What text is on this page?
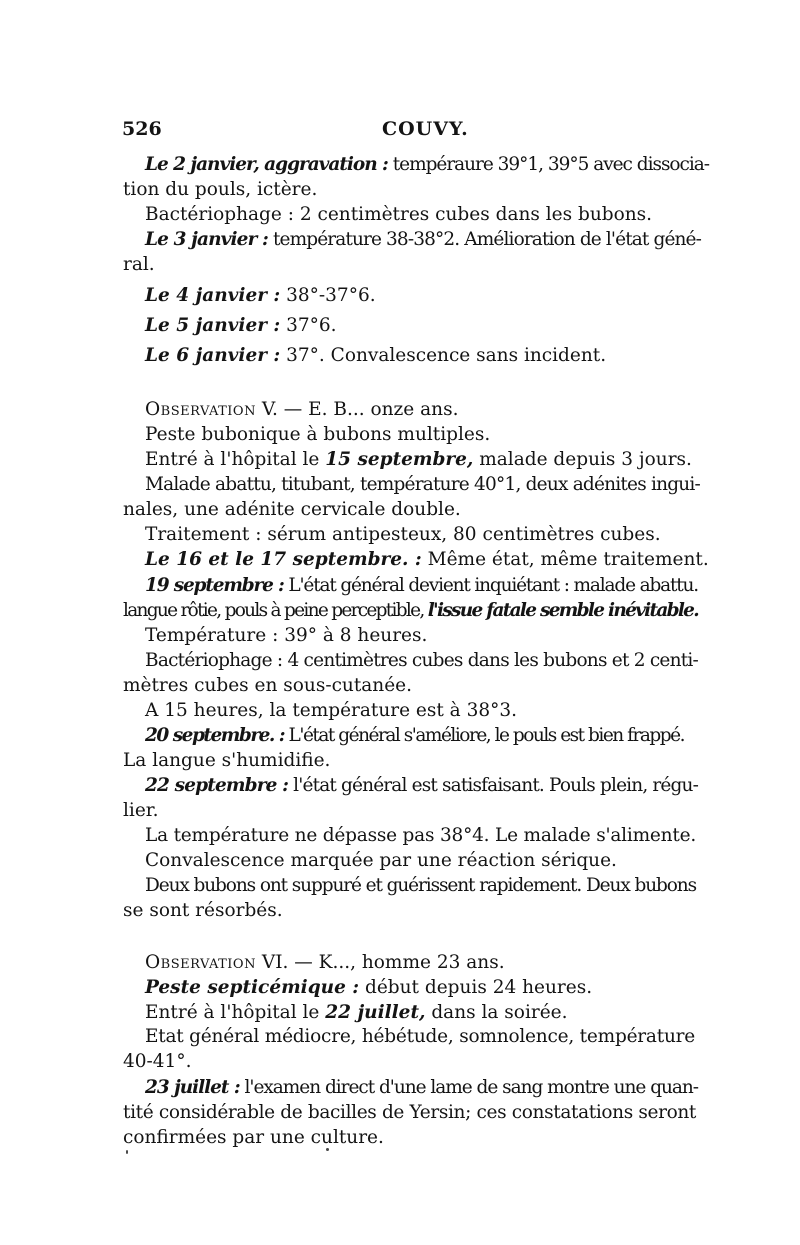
526	COUVY.
Le 2 janvier, aggravation : tempéraure 39°1, 39°5 avec dissocia-
tion du pouls, ictère.
Bactériophage : 2 centimètres cubes dans les bubons.
Le 3 janvier : température 38-38°2. Amélioration de l'état géné-
ral.
Le 4 janvier : 38°-37°6.
Le 5 janvier : 37°6.
Le 6 janvier : 37°. Convalescence sans incident.
Observation V. — E. B... onze ans.
Peste bubonique à bubons multiples.
Entré à l'hôpital le 15 septembre, malade depuis 3 jours.
Malade abattu, titubant, température 40°1, deux adénites ingui-
nales, une adénite cervicale double.
Traitement : sérum antipesteux, 80 centimètres cubes.
Le 16 et le 17 septembre. : Même état, même traitement.
19 septembre : L'état général devient inquiétant : malade abattu.
langue rôtie, pouls à peine perceptible, l'issue fatale semble inévitable.
Température : 39° à 8 heures.
Bactériophage : 4 centimètres cubes dans les bubons et 2 centi-
mètres cubes en sous-cutanée.
A 15 heures, la température est à 38°3.
20 septembre. : L'état général s'améliore, le pouls est bien frappé.
La langue s'humidifie.
22 septembre : l'état général est satisfaisant. Pouls plein, régu-
lier.
La température ne dépasse pas 38°4. Le malade s'alimente.
Convalescence marquée par une réaction sérique.
Deux bubons ont suppuré et guérissent rapidement. Deux bubons
se sont résorbés.
Observation VI. — K..., homme 23 ans.
Peste septicémique : début depuis 24 heures.
Entré à l'hôpital le 22 juillet, dans la soirée.
Etat général médiocre, hébétude, somnolence, température
40-41°.
23 juillet : l'examen direct d'une lame de sang montre une quan-
tité considérable de bacilles de Yersin; ces constatations seront
confirmées par une culture.
